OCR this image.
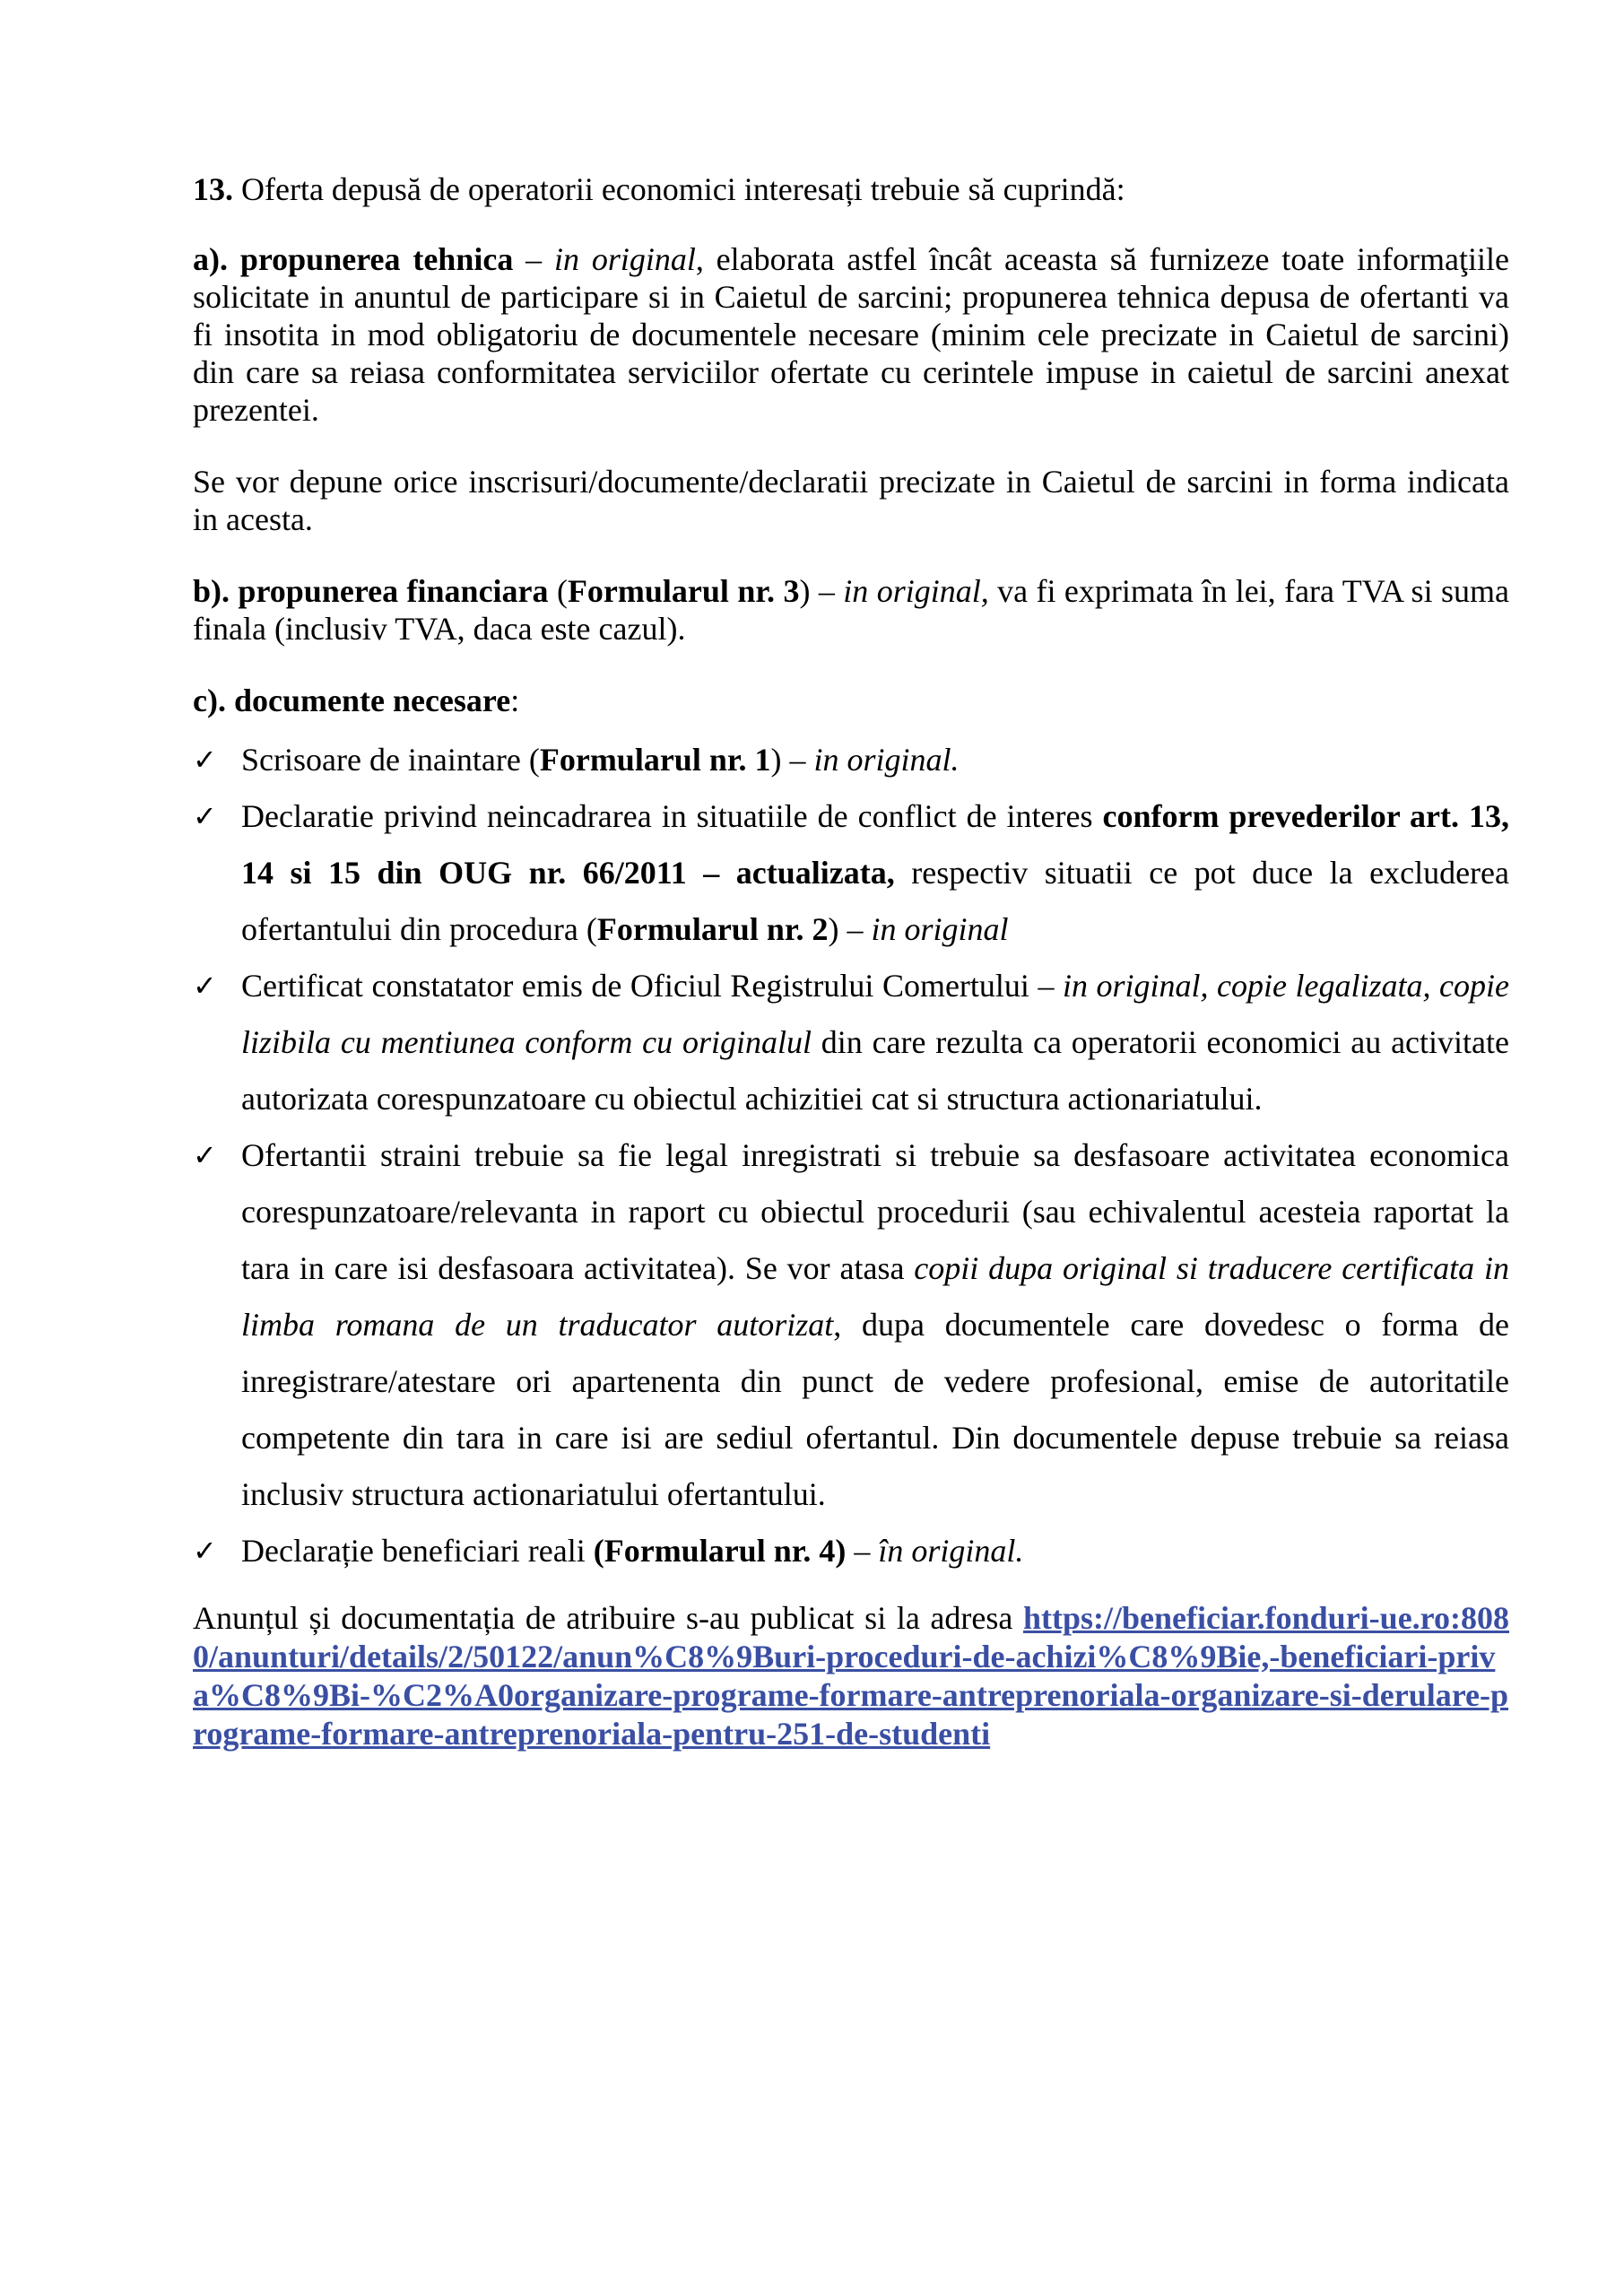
13. Oferta depusă de operatorii economici interesați trebuie să cuprindă:

a). propunerea tehnica – in original, elaborata astfel încât aceasta să furnizeze toate informaţiile solicitate in anuntul de participare si in Caietul de sarcini; propunerea tehnica depusa de ofertanti va fi insotita in mod obligatoriu de documentele necesare (minim cele precizate in Caietul de sarcini) din care sa reiasa conformitatea serviciilor ofertate cu cerintele impuse in caietul de sarcini anexat prezentei.

Se vor depune orice inscrisuri/documente/declaratii precizate in Caietul de sarcini in forma indicata in acesta.

b). propunerea financiara (Formularul nr. 3) – in original, va fi exprimata în lei, fara TVA si suma finala (inclusiv TVA, daca este cazul).

c). documente necesare:

✓ Scrisoare de inaintare (Formularul nr. 1) – in original.

✓ Declaratie privind neincadrarea in situatiile de conflict de interes conform prevederilor art. 13, 14 si 15 din OUG nr. 66/2011 – actualizata, respectiv situatii ce pot duce la excluderea ofertantului din procedura (Formularul nr. 2) – in original

✓ Certificat constatator emis de Oficiul Registrului Comertului – in original, copie legalizata, copie lizibila cu mentiunea conform cu originalul din care rezulta ca operatorii economici au activitate autorizata corespunzatoare cu obiectul achizitiei cat si structura actionariatului.

✓ Ofertantii straini trebuie sa fie legal inregistrati si trebuie sa desfasoare activitatea economica corespunzatoare/relevanta in raport cu obiectul procedurii (sau echivalentul acesteia raportat la tara in care isi desfasoara activitatea). Se vor atasa copii dupa original si traducere certificata in limba romana de un traducator autorizat, dupa documentele care dovedesc o forma de inregistrare/atestare ori apartenenta din punct de vedere profesional, emise de autoritatile competente din tara in care isi are sediul ofertantul. Din documentele depuse trebuie sa reiasa inclusiv structura actionariatului ofertantului.

✓ Declarație beneficiari reali (Formularul nr. 4) – în original.

Anunțul și documentația de atribuire s-au publicat si la adresa https://beneficiar.fonduri-ue.ro:8080/anunturi/details/2/50122/anun%C8%9Buri-proceduri-de-achizi%C8%9Bie,-beneficiari-priva%C8%9Bi-%C2%A0organizare-programe-formare-antreprenoriala-organizare-si-derulare-programe-formare-antreprenoriala-pentru-251-de-studenti
